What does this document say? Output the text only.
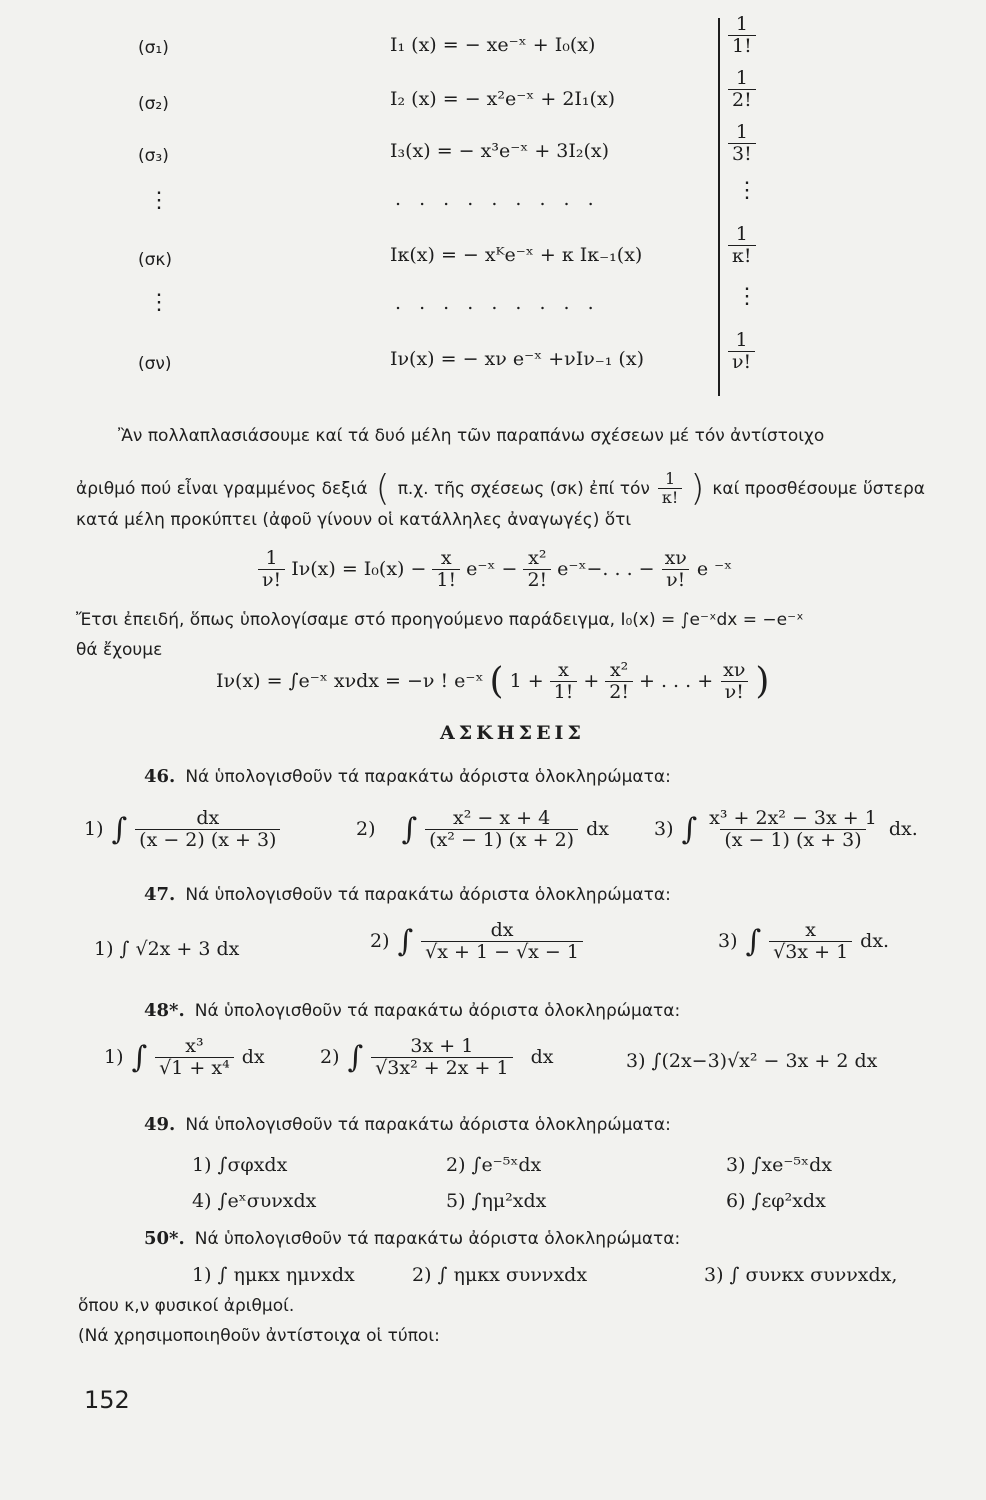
(σ₁)	I₁ (x) = − xe⁻ˣ + I₀(x)	$\frac{1}{1!}$
(σ₂)	I₂ (x) = − x²e⁻ˣ + 2I₁(x)	$\frac{1}{2!}$
(σ₃)	I₃(x) = − x³e⁻ˣ + 3I₂(x)	$\frac{1}{3!}$
⋮	. . . . . . . . .	⋮
(σκ)	Iκ(x) = − xᴷe⁻ˣ + κ Iκ₋₁(x)	$\frac{1}{\kappa!}$
⋮	. . . . . . . . .	⋮
(σν)	Iν(x) = − xν e⁻ˣ +νIν₋₁ (x)	$\frac{1}{\nu!}$
Ἂν πολλαπλασιάσουμε καί τά δυό μέλη τῶν παραπάνω σχέσεων μέ τόν ἀντίστοιχο
ἀριθμό πού εἶναι γραμμένος δεξιά ( π.χ. τῆς σχέσεως (σκ) ἐπί τόν $\frac{1}{\kappa!}$ ) καί προσθέσουμε ὕστερα
κατά μέλη προκύπτει (ἀφοῦ γίνουν οἱ κατάλληλες ἀναγωγές) ὅτι
$\frac{1}{\nu!} I\nu(x) = I_0(x) - \frac{x}{1!}$ e⁻ˣ − $\frac{\text{x²}}{2!}$ e⁻ˣ−. . . − $\frac{x\nu}{\nu!}$ e ⁻ˣ
Ἔτσι ἐπειδή, ὅπως ὑπολογίσαμε στό προηγούμενο παράδειγμα, I₀(x) = ∫e⁻ˣdx = −e⁻ˣ
θά ἔχουμε
Iν(x) = ∫e⁻ˣ xνdx = −ν ! e⁻ˣ ( $1 + \frac{x}{1!} + \frac{\text{x²}}{2!}$ + . . . + $\frac{x\nu}{\nu!}$ )
ΑΣΚΗΣΕΙΣ
46. Νά ὑπολογισθοῦν τά παρακάτω ἀόριστα ὁλοκληρώματα:
1) ∫ $\frac{dx}{(x - 2) (x + 3)}$	2) ∫ $\frac{\text{x² − x + 4}}{\text{(x² − 1) (x + 2)}}$ dx 3) ∫ $\frac{\text{x³ + 2x² − 3x + 1}}{(x - 1) (x + 3)}$ dx.
47. Νά ὑπολογισθοῦν τά παρακάτω ἀόριστα ὁλοκληρώματα:
1) ∫ √2x + 3 dx	2) ∫ $\frac{dx}{√x + 1 - √x - 1}$	3) ∫ $\frac{x}{√3x + 1}$ dx.
48*. Νά ὑπολογισθοῦν τά παρακάτω ἀόριστα ὁλοκληρώματα:
1) ∫ $\frac{\text{x³}}{\text{√1 + x⁴}}$ dx	2) ∫ $\frac{3x + 1}{\text{√3x² + 2x + 1}}$ dx	3) ∫(2x−3)√x² − 3x + 2 dx
49. Νά ὑπολογισθοῦν τά παρακάτω ἀόριστα ὁλοκληρώματα:
1) ∫σφxdx	2) ∫e⁻⁵ˣdx	3) ∫xe⁻⁵ˣdx
4) ∫eˣσυνxdx	5) ∫ημ²xdx	6) ∫εφ²xdx
50*. Νά ὑπολογισθοῦν τά παρακάτω ἀόριστα ὁλοκληρώματα:
1) ∫ ημκx ημνxdx	2) ∫ ημκx συννxdx	3) ∫ συνκx συννxdx,
ὅπου κ,ν φυσικοί ἀριθμοί.
(Νά χρησιμοποιηθοῦν ἀντίστοιχα οἱ τύποι:
152
